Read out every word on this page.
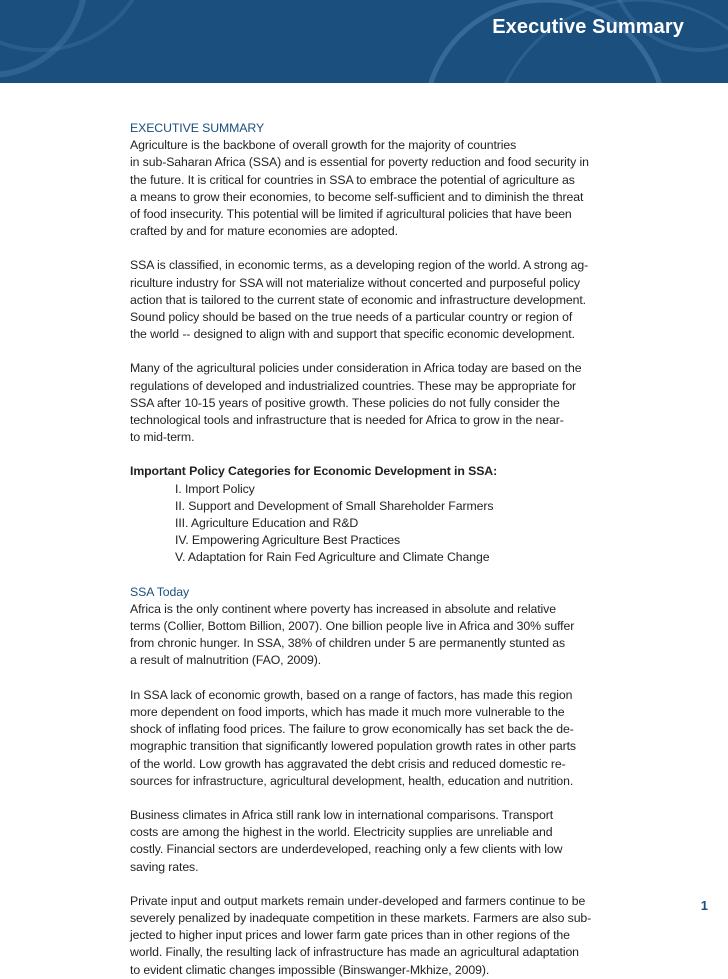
Executive Summary

EXECUTIVE SUMMARY

Agriculture is the backbone of overall growth for the majority of countries
in sub-Saharan Africa (SSA) and is essential for poverty reduction and food security in
the future. It is critical for countries in SSA to embrace the potential of agriculture as
a means to grow their economies, to become self-sufficient and to diminish the threat
of food insecurity. This potential will be limited if agricultural policies that have been
crafted by and for mature economies are adopted.

SSA is classified, in economic terms, as a developing region of the world. A strong ag-
riculture industry for SSA will not materialize without concerted and purposeful policy
action that is tailored to the current state of economic and infrastructure development.
Sound policy should be based on the true needs of a particular country or region of
the world -- designed to align with and support that specific economic development.

Many of the agricultural policies under consideration in Africa today are based on the
regulations of developed and industrialized countries. These may be appropriate for
SSA after 10-15 years of positive growth. These policies do not fully consider the
technological tools and infrastructure that is needed for Africa to grow in the near-
to mid-term.

Important Policy Categories for Economic Development in SSA:

I. Import Policy
II. Support and Development of Small Shareholder Farmers
III. Agriculture Education and R&D
IV. Empowering Agriculture Best Practices
V. Adaptation for Rain Fed Agriculture and Climate Change

SSA Today

Africa is the only continent where poverty has increased in absolute and relative
terms (Collier, Bottom Billion, 2007). One billion people live in Africa and 30% suffer
from chronic hunger. In SSA, 38% of children under 5 are permanently stunted as
a result of malnutrition (FAO, 2009).

In SSA lack of economic growth, based on a range of factors, has made this region
more dependent on food imports, which has made it much more vulnerable to the
shock of inflating food prices. The failure to grow economically has set back the de-
mographic transition that significantly lowered population growth rates in other parts
of the world. Low growth has aggravated the debt crisis and reduced domestic re-
sources for infrastructure, agricultural development, health, education and nutrition.

Business climates in Africa still rank low in international comparisons. Transport
costs are among the highest in the world. Electricity supplies are unreliable and
costly. Financial sectors are underdeveloped, reaching only a few clients with low
saving rates.

Private input and output markets remain under-developed and farmers continue to be
severely penalized by inadequate competition in these markets. Farmers are also sub-
jected to higher input prices and lower farm gate prices than in other regions of the
world. Finally, the resulting lack of infrastructure has made an agricultural adaptation
to evident climatic changes impossible (Binswanger-Mkhize, 2009).

1
